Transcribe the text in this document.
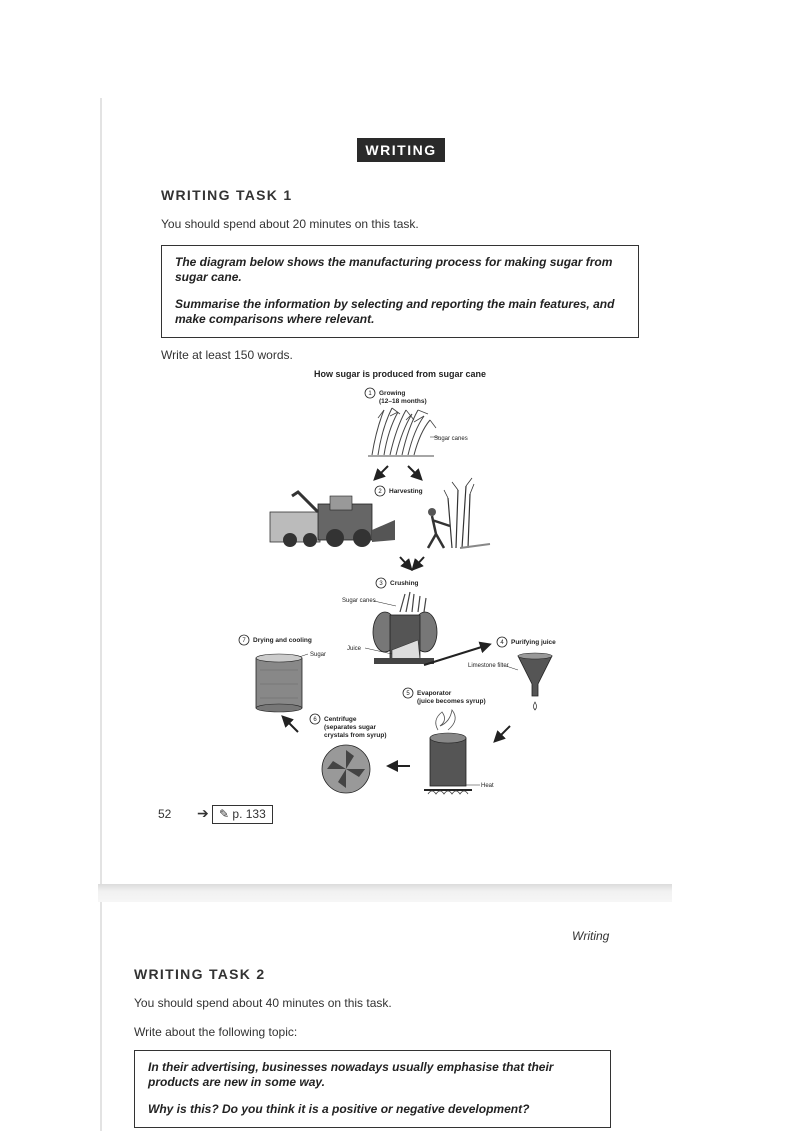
WRITING
WRITING TASK 1
You should spend about 20 minutes on this task.

The diagram below shows the manufacturing process for making sugar from sugar cane.

Summarise the information by selecting and reporting the main features, and make comparisons where relevant.

Write at least 150 words.
How sugar is produced from sugar cane
1 Growing
(12–18 months)
Sugar canes
2 Harvesting
3 Crushing
Sugar canes
Juice
4 Purifying juice
Limestone filter
5 Evaporator
(juice becomes syrup)
Heat
6 Centrifuge
(separates sugar
crystals from syrup)
7 Drying and cooling
Sugar
52 ➔ ✎ p. 133
Writing
WRITING TASK 2
You should spend about 40 minutes on this task.
Write about the following topic:

In their advertising, businesses nowadays usually emphasise that their products are new in some way.

Why is this? Do you think it is a positive or negative development?
